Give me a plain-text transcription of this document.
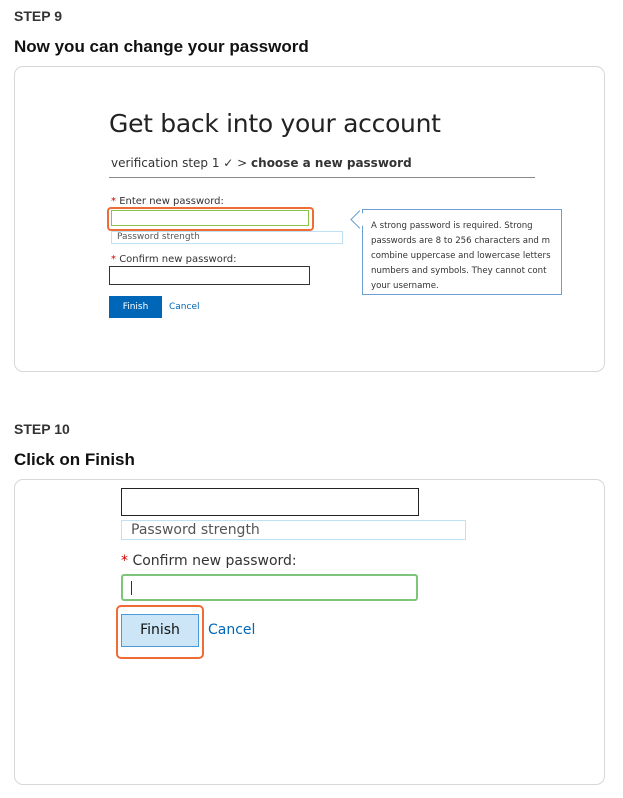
STEP 9
Now you can change your password
Get back into your account
verification step 1 ✓ > choose a new password
* Enter new password:
Password strength
* Confirm new password:
Finish	Cancel
A strong password is required. Strong
passwords are 8 to 256 characters and m
combine uppercase and lowercase letters
numbers and symbols. They cannot cont
your username.
STEP 10
Click on Finish
Password strength
* Confirm new password:
Finish	Cancel
